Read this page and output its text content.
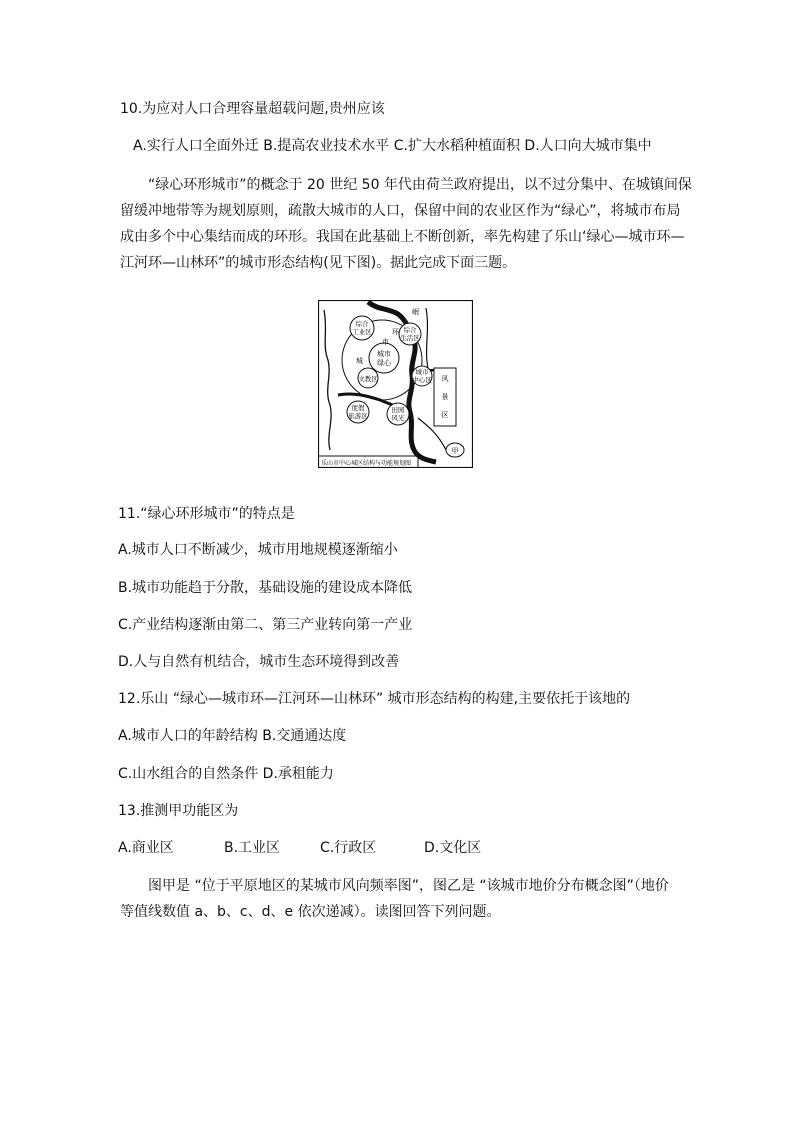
10.为应对人口合理容量超载问题,贵州应该
A.实行人口全面外迁 B.提高农业技术水平 C.扩大水稻种植面积 D.人口向大城市集中
“绿心环形城市”的概念于 20 世纪 50 年代由荷兰政府提出，以不过分集中、在城镇间保
留缓冲地带等为规划原则，疏散大城市的人口，保留中间的农业区作为“绿心”，将城市布局
成由多个中心集结而成的环形。我国在此基础上不断创新，率先构建了乐山‘绿心—城市环—
江河环—山林环”的城市形态结构(见下图)。据此完成下面三题。
城市
绿心
综合
工业区	环
市
城
文教区
综合
生活区
岷
城市
中心区 风
景
区
度假
旅游区
田园
风光
甲
乐山市中心城区结构与功能规划图
11.“绿心环形城市”的特点是
A.城市人口不断减少，城市用地规模逐渐缩小
B.城市功能趋于分散，基础设施的建设成本降低
C.产业结构逐渐由第二、第三产业转向第一产业
D.人与自然有机结合，城市生态环境得到改善
12.乐山 “绿心—城市环—江河环—山林环” 城市形态结构的构建,主要依托于该地的
A.城市人口的年龄结构 B.交通通达度
C.山水组合的自然条件 D.承租能力
13.推测甲功能区为
A.商业区	B.工业区	C.行政区	D.文化区
图甲是 “位于平原地区的某城市风向频率图”，图乙是 “该城市地价分布概念图”（地价
等值线数值 a、b、c、d、e 依次递减）。读图回答下列问题。
